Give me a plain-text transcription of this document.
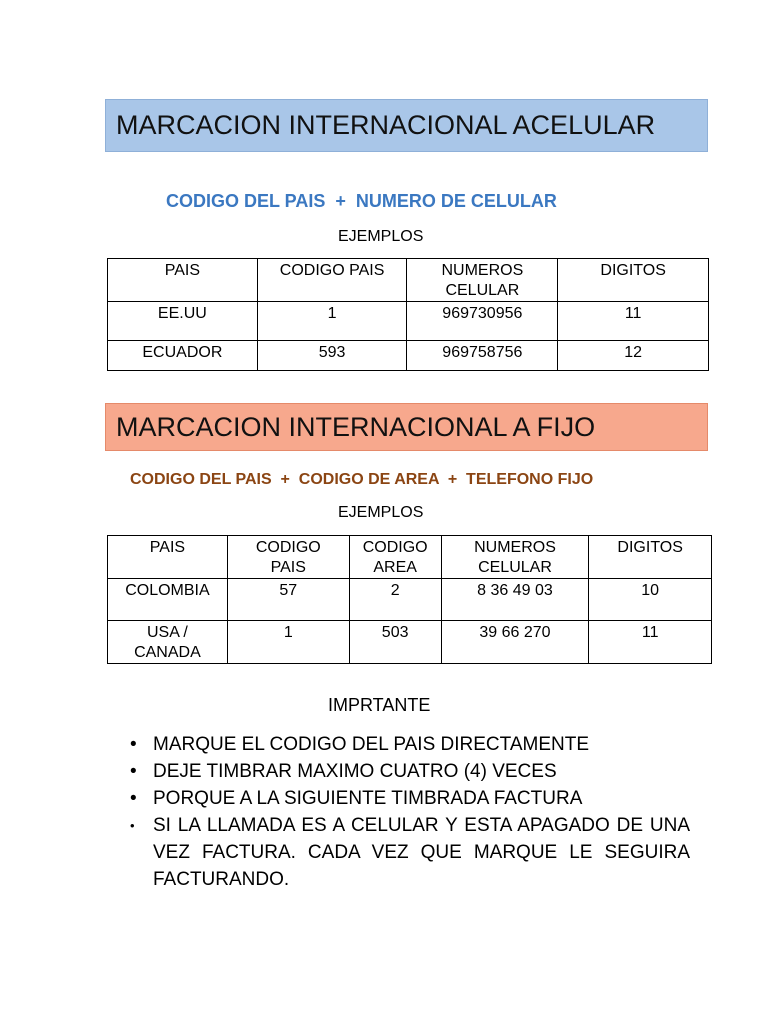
MARCACION INTERNACIONAL ACELULAR
CODIGO DEL PAIS  +  NUMERO DE CELULAR
EJEMPLOS
PAIS	CODIGO PAIS	NUMEROS CELULAR	DIGITOS
EE.UU	1	969730956	11
ECUADOR	593	969758756	12
MARCACION INTERNACIONAL A FIJO
CODIGO DEL PAIS  +  CODIGO DE AREA  +  TELEFONO FIJO
EJEMPLOS
PAIS	CODIGO PAIS	CODIGO AREA	NUMEROS CELULAR	DIGITOS
COLOMBIA	57	2	8 36 49 03	10
USA / CANADA	1	503	39 66 270	11
IMPRTANTE
• MARQUE EL CODIGO DEL PAIS DIRECTAMENTE
• DEJE TIMBRAR MAXIMO CUATRO (4) VECES
• PORQUE A LA SIGUIENTE TIMBRADA FACTURA
• SI LA LLAMADA ES A CELULAR Y ESTA APAGADO DE UNA VEZ FACTURA. CADA VEZ QUE MARQUE LE SEGUIRA FACTURANDO.
